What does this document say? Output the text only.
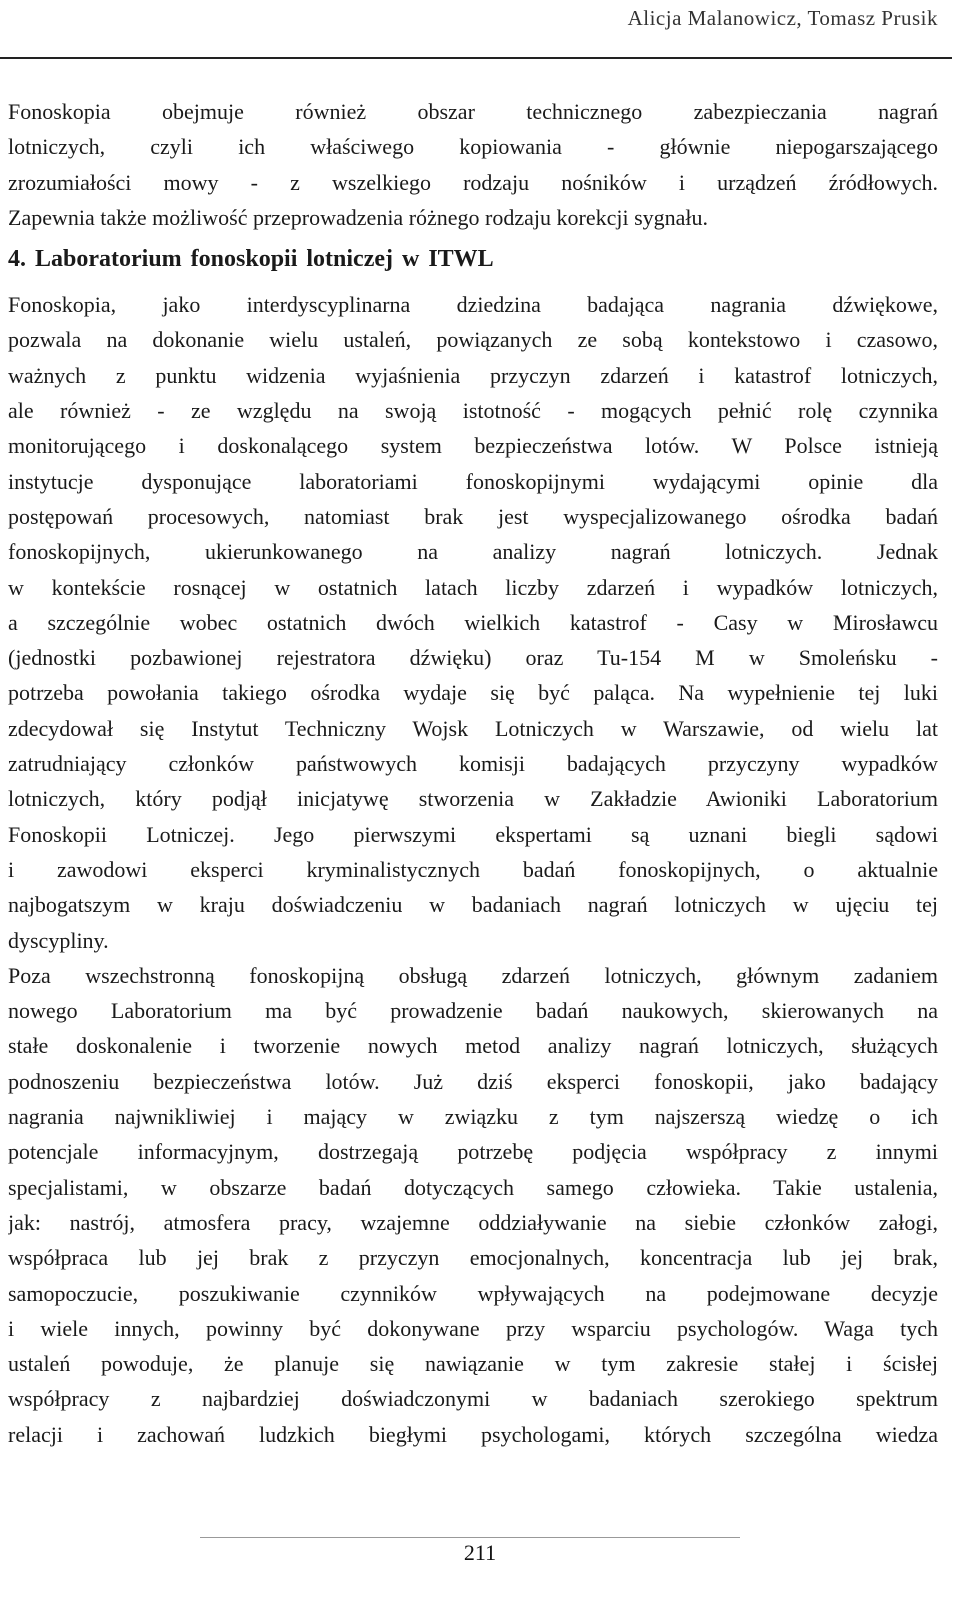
Alicja Malanowicz, Tomasz Prusik
Fonoskopia obejmuje również obszar technicznego zabezpieczania nagrań
lotniczych, czyli ich właściwego kopiowania - głównie niepogarszającego
zrozumiałości mowy - z wszelkiego rodzaju nośników i urządzeń źródłowych.
Zapewnia także możliwość przeprowadzenia różnego rodzaju korekcji sygnału.
4. Laboratorium fonoskopii lotniczej w ITWL
Fonoskopia, jako interdyscyplinarna dziedzina badająca nagrania dźwiękowe,
pozwala na dokonanie wielu ustaleń, powiązanych ze sobą kontekstowo i czasowo,
ważnych z punktu widzenia wyjaśnienia przyczyn zdarzeń i katastrof lotniczych,
ale również - ze względu na swoją istotność - mogących pełnić rolę czynnika
monitorującego i doskonalącego system bezpieczeństwa lotów. W Polsce istnieją
instytucje dysponujące laboratoriami fonoskopijnymi wydającymi opinie dla
postępowań procesowych, natomiast brak jest wyspecjalizowanego ośrodka badań
fonoskopijnych, ukierunkowanego na analizy nagrań lotniczych. Jednak
w kontekście rosnącej w ostatnich latach liczby zdarzeń i wypadków lotniczych,
a szczególnie wobec ostatnich dwóch wielkich katastrof - Casy w Mirosławcu
(jednostki pozbawionej rejestratora dźwięku) oraz Tu-154 M w Smoleńsku -
potrzeba powołania takiego ośrodka wydaje się być paląca. Na wypełnienie tej luki
zdecydował się Instytut Techniczny Wojsk Lotniczych w Warszawie, od wielu lat
zatrudniający członków państwowych komisji badających przyczyny wypadków
lotniczych, który podjął inicjatywę stworzenia w Zakładzie Awioniki Laboratorium
Fonoskopii Lotniczej. Jego pierwszymi ekspertami są uznani biegli sądowi
i zawodowi eksperci kryminalistycznych badań fonoskopijnych, o aktualnie
najbogatszym w kraju doświadczeniu w badaniach nagrań lotniczych w ujęciu tej
dyscypliny.
Poza wszechstronną fonoskopijną obsługą zdarzeń lotniczych, głównym zadaniem
nowego Laboratorium ma być prowadzenie badań naukowych, skierowanych na
stałe doskonalenie i tworzenie nowych metod analizy nagrań lotniczych, służących
podnoszeniu bezpieczeństwa lotów. Już dziś eksperci fonoskopii, jako badający
nagrania najwnikliwiej i mający w związku z tym najszerszą wiedzę o ich
potencjale informacyjnym, dostrzegają potrzebę podjęcia współpracy z innymi
specjalistami, w obszarze badań dotyczących samego człowieka. Takie ustalenia,
jak: nastrój, atmosfera pracy, wzajemne oddziaływanie na siebie członków załogi,
współpraca lub jej brak z przyczyn emocjonalnych, koncentracja lub jej brak,
samopoczucie, poszukiwanie czynników wpływających na podejmowane decyzje
i wiele innych, powinny być dokonywane przy wsparciu psychologów. Waga tych
ustaleń powoduje, że planuje się nawiązanie w tym zakresie stałej i ścisłej
współpracy z najbardziej doświadczonymi w badaniach szerokiego spektrum
relacji i zachowań ludzkich biegłymi psychologami, których szczególna wiedza
211
